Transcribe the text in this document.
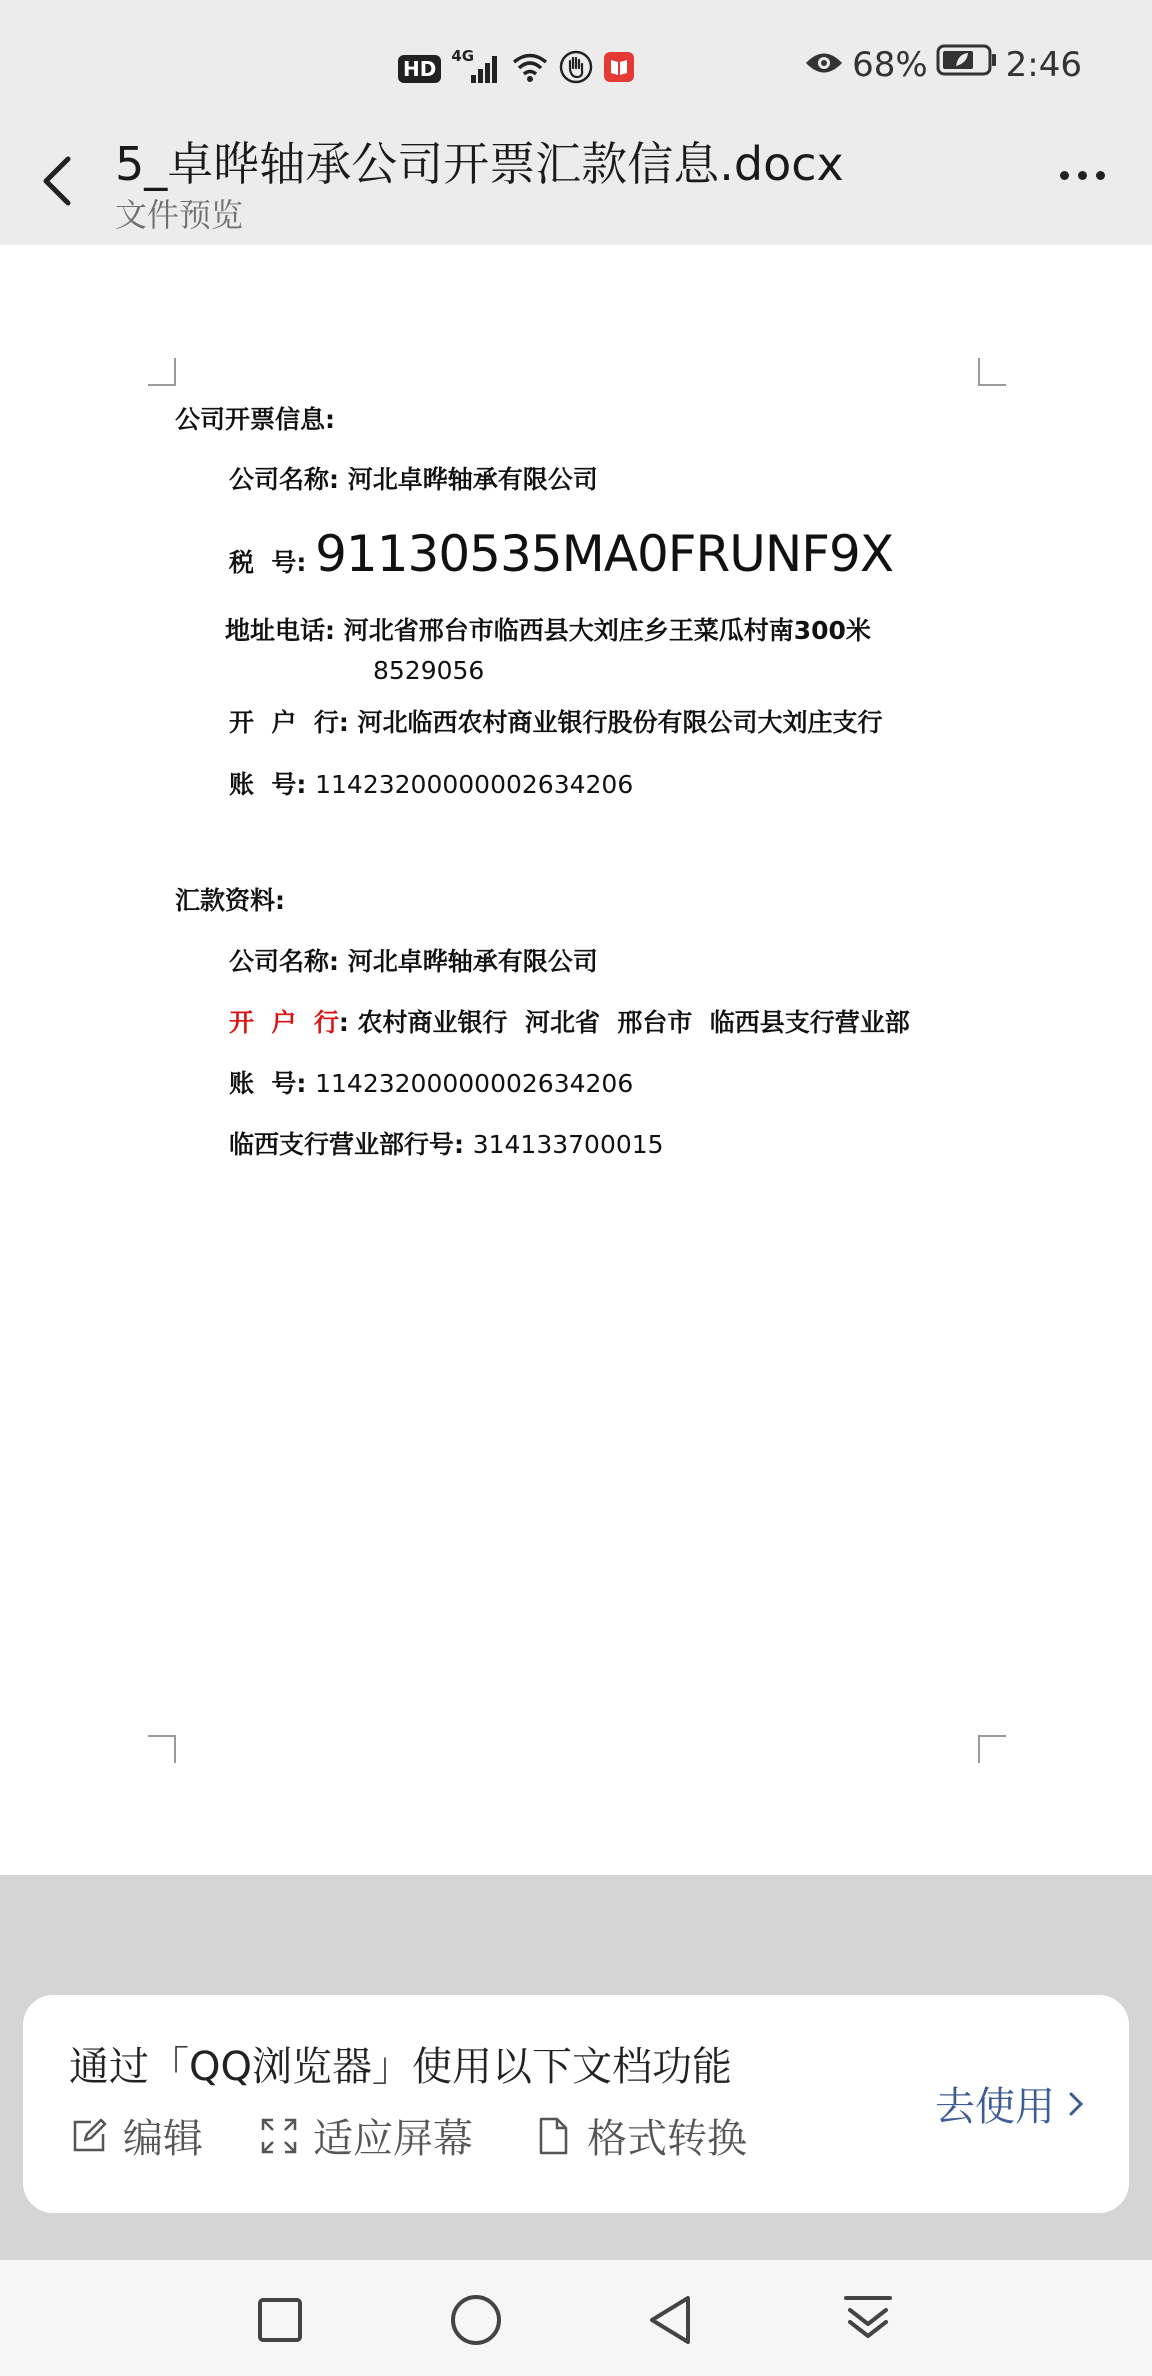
HD
4G	68% 2:46
5_卓晔轴承公司开票汇款信息.docx
文件预览
公司开票信息:
公司名称: 河北卓晔轴承有限公司
税  号: 91130535MA0FRUNF9X
地址电话: 河北省邢台市临西县大刘庄乡王菜瓜村南300米
8529056
开  户  行: 河北临西农村商业银行股份有限公司大刘庄支行
账  号: 11423200000002634206
汇款资料:
公司名称: 河北卓晔轴承有限公司
开  户  行: 农村商业银行  河北省  邢台市  临西县支行营业部
账  号: 11423200000002634206
临西支行营业部行号: 314133700015
通过「QQ浏览器」使用以下文档功能
编辑	适应屏幕	格式转换
去使用
